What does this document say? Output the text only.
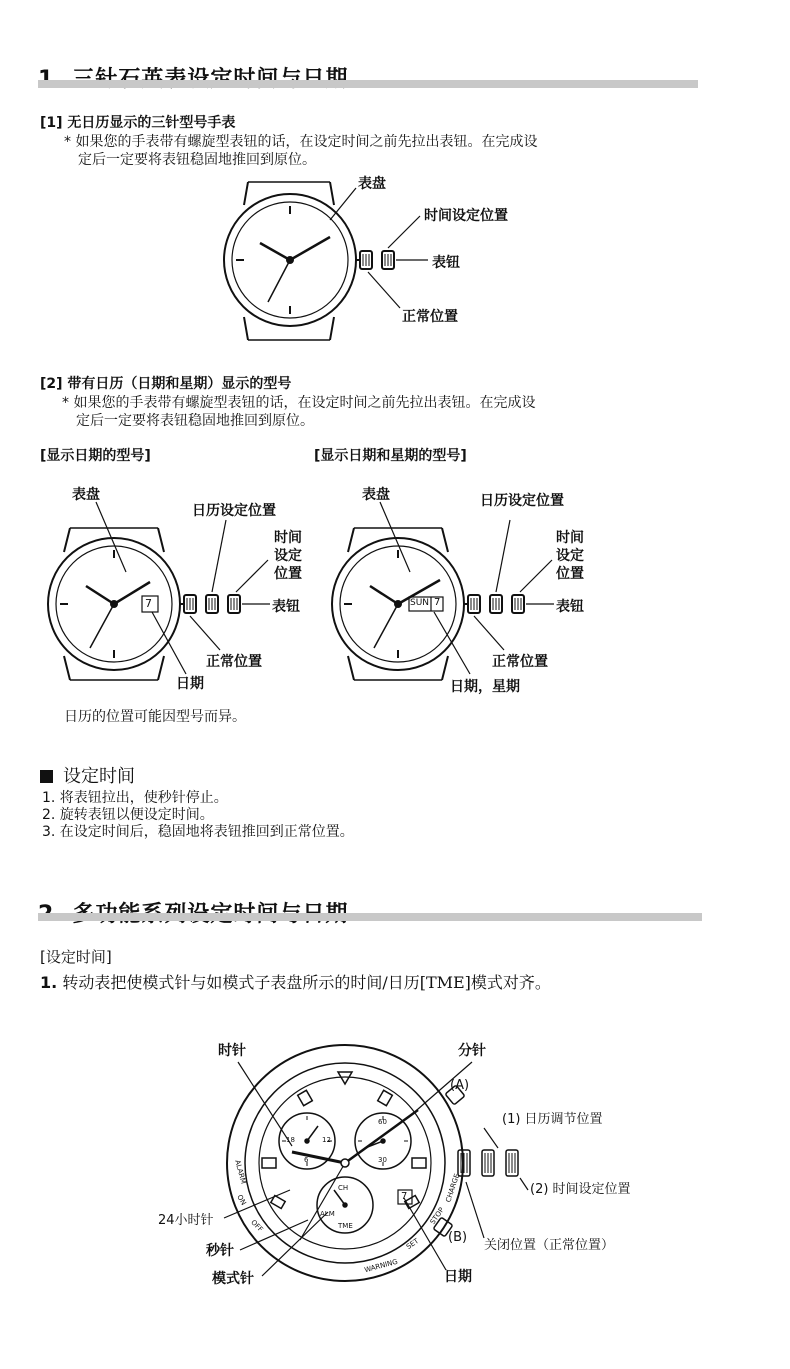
[1] 无日历显示的三针型号手表
* 如果您的手表带有螺旋型表钮的话，在设定时间之前先拉出表钮。在完成设
定后一定要将表钮稳固地推回到原位。
表盘
时间设定位置
表钮
正常位置
[2] 带有日历（日期和星期）显示的型号
* 如果您的手表带有螺旋型表钮的话，在设定时间之前先拉出表钮。在完成设
定后一定要将表钮稳固地推回到原位。
[显示日期的型号]	[显示日期和星期的型号]
表盘
日历设定位置
时间
设定
位置
表钮
正常位置
日期
7
表盘	日历设定位置
时间
设定
位置
表钮
正常位置
日期，星期
SUN 7
日历的位置可能因型号而异。
设定时间
1. 将表钮拉出，使秒针停止。
2. 旋转表钮以便设定时间。
3. 在设定时间后，稳固地将表钮推回到正常位置。
[设定时间]
1. 转动表把使模式针与如模式子表盘所示的时间/日历[TME]模式对齐。
时针	分针
(A)
(1) 日历调节位置
(2) 时间设定位置
(B)
关闭位置（正常位置）
24小时针
秒针
模式针	日期
ALARM
ON
OFF
WARNING
SET
STOP
CHARGE
18
6
12
60
30
CH
TME
ALM
7
